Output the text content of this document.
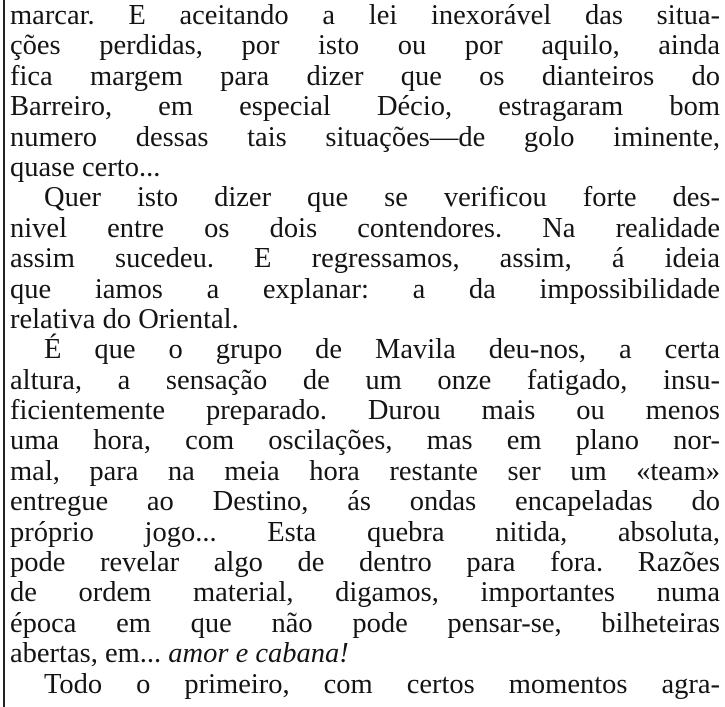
marcar. E aceitando a lei inexorável das situa-
ções perdidas, por isto ou por aquilo, ainda
fica margem para dizer que os dianteiros do
Barreiro, em especial Décio, estragaram bom
numero dessas tais situações—de golo iminente,
quase certo...
Quer isto dizer que se verificou forte des-
nivel entre os dois contendores. Na realidade
assim sucedeu. E regressamos, assim, á ideia
que iamos a explanar: a da impossibilidade
relativa do Oriental.
É que o grupo de Mavila deu-nos, a certa
altura, a sensação de um onze fatigado, insu-
ficientemente preparado. Durou mais ou menos
uma hora, com oscilações, mas em plano nor-
mal, para na meia hora restante ser um «team»
entregue ao Destino, ás ondas encapeladas do
próprio jogo... Esta quebra nitida, absoluta,
pode revelar algo de dentro para fora. Razões
de ordem material, digamos, importantes numa
época em que não pode pensar-se, bilheteiras
abertas, em... amor e cabana!
Todo o primeiro, com certos momentos agra-
